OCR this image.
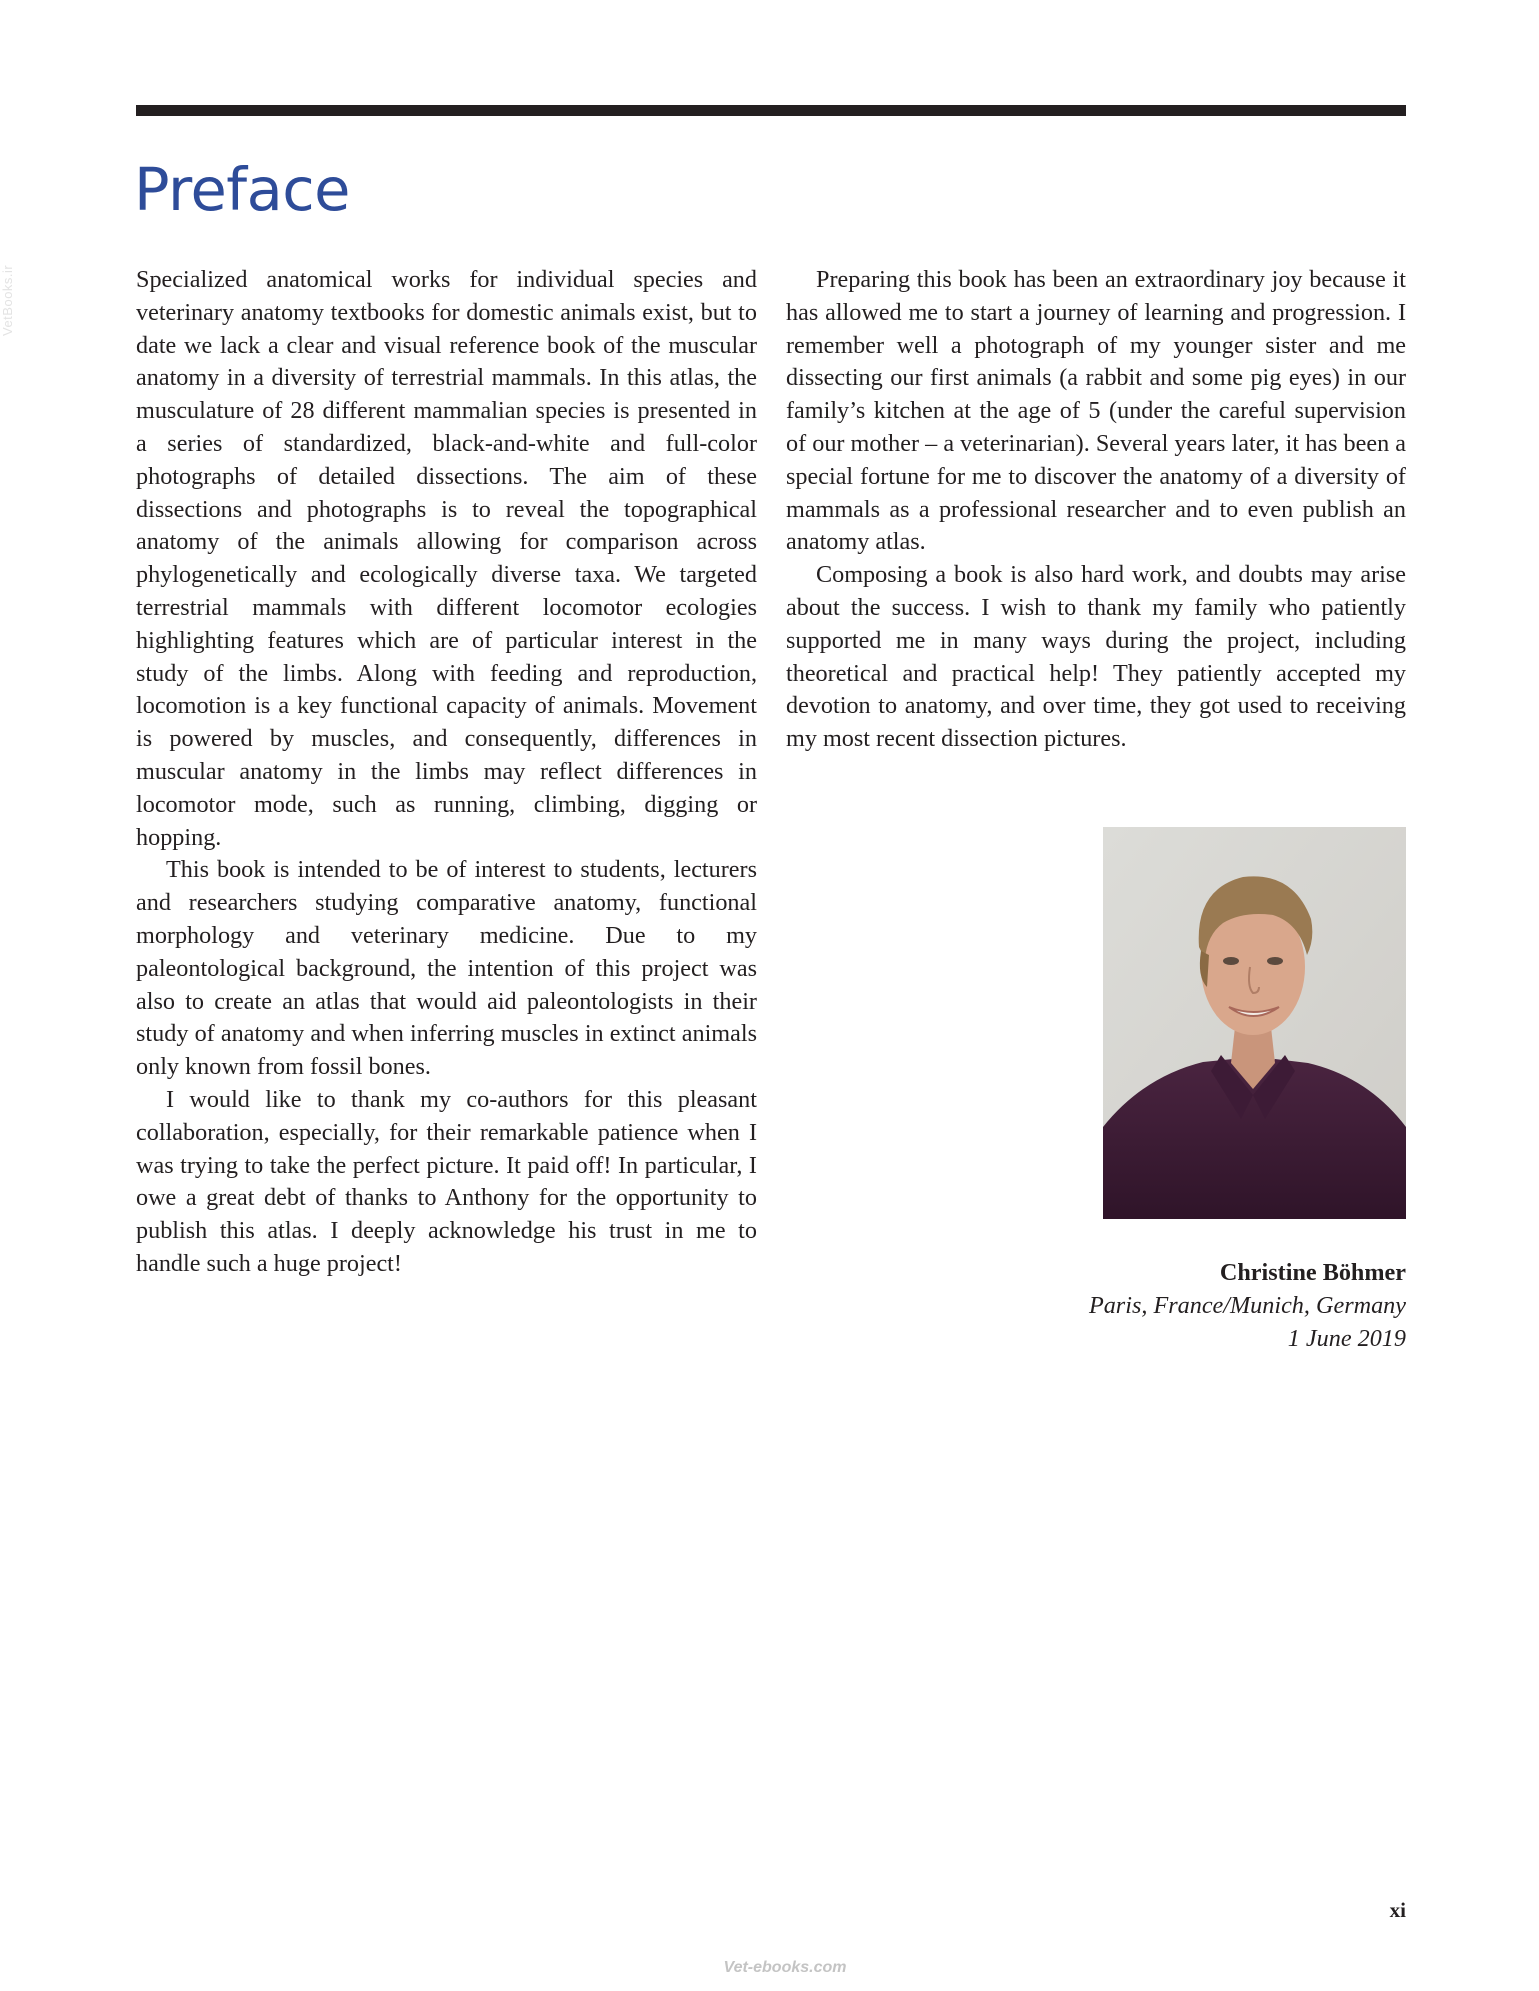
VetBooks.ir
Preface

Specialized anatomical works for individual species and veterinary anatomy textbooks for domestic animals exist, but to date we lack a clear and visual reference book of the muscular anatomy in a diversity of terrestrial mammals. In this atlas, the musculature of 28 different mammalian species is presented in a series of standardized, black-and-white and full-color photographs of detailed dissections. The aim of these dissections and photographs is to reveal the topographical anatomy of the animals allowing for comparison across phylogenetically and ecologically diverse taxa. We targeted terrestrial mammals with different locomotor ecologies highlighting features which are of particular interest in the study of the limbs. Along with feeding and reproduction, locomotion is a key functional capacity of animals. Movement is powered by muscles, and consequently, differences in muscular anatomy in the limbs may reflect differences in locomotor mode, such as running, climbing, digging or hopping.

This book is intended to be of interest to students, lecturers and researchers studying comparative anatomy, functional morphology and veterinary medicine. Due to my paleontological background, the intention of this project was also to create an atlas that would aid paleontologists in their study of anatomy and when inferring muscles in extinct animals only known from fossil bones.

I would like to thank my co-authors for this pleasant collaboration, especially, for their remarkable patience when I was trying to take the perfect picture. It paid off! In particular, I owe a great debt of thanks to Anthony for the opportunity to publish this atlas. I deeply acknowledge his trust in me to handle such a huge project!

Preparing this book has been an extraordinary joy because it has allowed me to start a journey of learning and progression. I remember well a photograph of my younger sister and me dissecting our first animals (a rabbit and some pig eyes) in our family’s kitchen at the age of 5 (under the careful supervision of our mother – a veterinarian). Several years later, it has been a special fortune for me to discover the anatomy of a diversity of mammals as a professional researcher and to even publish an anatomy atlas.

Composing a book is also hard work, and doubts may arise about the success. I wish to thank my family who patiently supported me in many ways during the project, including theoretical and practical help! They patiently accepted my devotion to anatomy, and over time, they got used to receiving my most recent dissection pictures.

Christine Böhmer
Paris, France/Munich, Germany
1 June 2019
xi
Vet-ebooks.com
